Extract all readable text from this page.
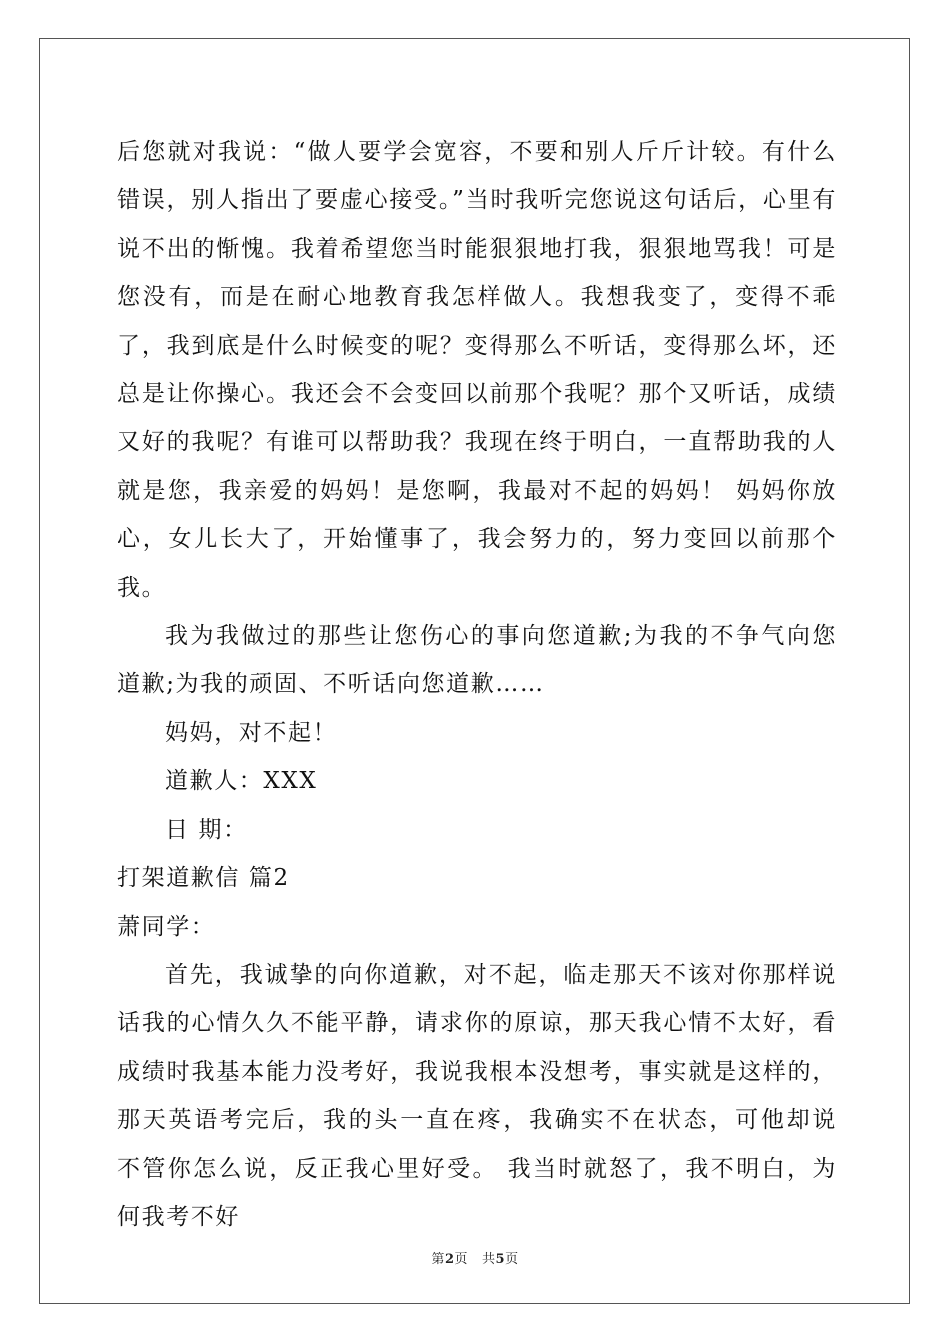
后您就对我说：“做人要学会宽容，不要和别人斤斤计较。有什么错误，别人指出了要虚心接受。”当时我听完您说这句话后，心里有说不出的惭愧。我着希望您当时能狠狠地打我，狠狠地骂我！可是您没有，而是在耐心地教育我怎样做人。我想我变了，变得不乖了，我到底是什么时候变的呢？变得那么不听话，变得那么坏，还总是让你操心。我还会不会变回以前那个我呢？那个又听话，成绩又好的我呢？有谁可以帮助我？我现在终于明白，一直帮助我的人就是您，我亲爱的妈妈！是您啊，我最对不起的妈妈！ 妈妈你放心，女儿长大了，开始懂事了，我会努力的，努力变回以前那个我。

我为我做过的那些让您伤心的事向您道歉;为我的不争气向您道歉;为我的顽固、不听话向您道歉……

妈妈，对不起！

道歉人：XXX

日 期：

打架道歉信 篇2

萧同学：

首先，我诚挚的向你道歉，对不起，临走那天不该对你那样说话我的心情久久不能平静，请求你的原谅，那天我心情不太好，看成绩时我基本能力没考好，我说我根本没想考，事实就是这样的，那天英语考完后，我的头一直在疼，我确实不在状态，可他却说 不管你怎么说，反正我心里好受。 我当时就怒了，我不明白，为何我考不好

第2页 共5页
